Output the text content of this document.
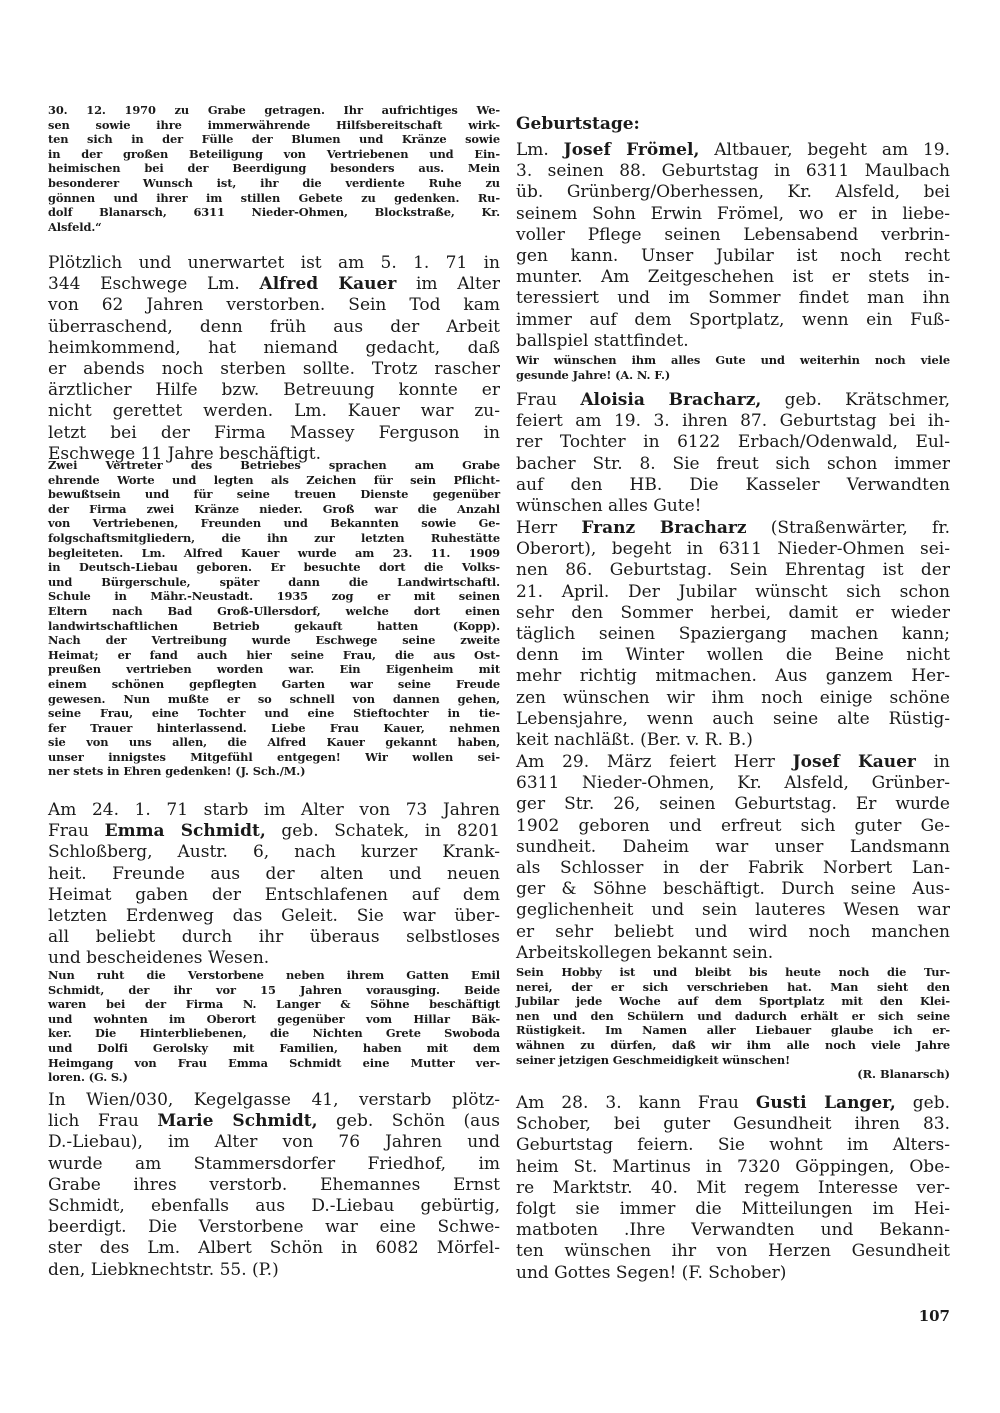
30. 12. 1970 zu Grabe getragen. Ihr aufrichtiges We-
sen sowie ihre immerwährende Hilfsbereitschaft wirk-
ten sich in der Fülle der Blumen und Kränze sowie
in der großen Beteiligung von Vertriebenen und Ein-
heimischen bei der Beerdigung besonders aus. Mein
besonderer Wunsch ist, ihr die verdiente Ruhe zu
gönnen und ihrer im stillen Gebete zu gedenken. Ru-
dolf Blanarsch, 6311 Nieder-Ohmen, Blockstraße, Kr.
Alsfeld.“
Plötzlich und unerwartet ist am 5. 1. 71 in
344 Eschwege Lm. Alfred Kauer im Alter
von 62 Jahren verstorben. Sein Tod kam
überraschend, denn früh aus der Arbeit
heimkommend, hat niemand gedacht, daß
er abends noch sterben sollte. Trotz rascher
ärztlicher Hilfe bzw. Betreuung konnte er
nicht gerettet werden. Lm. Kauer war zu-
letzt bei der Firma Massey Ferguson in
Eschwege 11 Jahre beschäftigt.
Zwei Vertreter des Betriebes sprachen am Grabe
ehrende Worte und legten als Zeichen für sein Pflicht-
bewußtsein und für seine treuen Dienste gegenüber
der Firma zwei Kränze nieder. Groß war die Anzahl
von Vertriebenen, Freunden und Bekannten sowie Ge-
folgschaftsmitgliedern, die ihn zur letzten Ruhestätte
begleiteten. Lm. Alfred Kauer wurde am 23. 11. 1909
in Deutsch-Liebau geboren. Er besuchte dort die Volks-
und Bürgerschule, später dann die Landwirtschaftl.
Schule in Mähr.-Neustadt. 1935 zog er mit seinen
Eltern nach Bad Groß-Ullersdorf, welche dort einen
landwirtschaftlichen Betrieb gekauft hatten (Kopp).
Nach der Vertreibung wurde Eschwege seine zweite
Heimat; er fand auch hier seine Frau, die aus Ost-
preußen vertrieben worden war. Ein Eigenheim mit
einem schönen gepflegten Garten war seine Freude
gewesen. Nun mußte er so schnell von dannen gehen,
seine Frau, eine Tochter und eine Stieftochter in tie-
fer Trauer hinterlassend. Liebe Frau Kauer, nehmen
sie von uns allen, die Alfred Kauer gekannt haben,
unser innigstes Mitgefühl entgegen! Wir wollen sei-
ner stets in Ehren gedenken! (J. Sch./M.)
Am 24. 1. 71 starb im Alter von 73 Jahren
Frau Emma Schmidt, geb. Schatek, in 8201
Schloßberg, Austr. 6, nach kurzer Krank-
heit. Freunde aus der alten und neuen
Heimat gaben der Entschlafenen auf dem
letzten Erdenweg das Geleit. Sie war über-
all beliebt durch ihr überaus selbstloses
und bescheidenes Wesen.
Nun ruht die Verstorbene neben ihrem Gatten Emil
Schmidt, der ihr vor 15 Jahren vorausging. Beide
waren bei der Firma N. Langer & Söhne beschäftigt
und wohnten im Oberort gegenüber vom Hillar Bäk-
ker. Die Hinterbliebenen, die Nichten Grete Swoboda
und Dolfi Gerolsky mit Familien, haben mit dem
Heimgang von Frau Emma Schmidt eine Mutter ver-
loren. (G. S.)
In Wien/030, Kegelgasse 41, verstarb plötz-
lich Frau Marie Schmidt, geb. Schön (aus
D.-Liebau), im Alter von 76 Jahren und
wurde am Stammersdorfer Friedhof, im
Grabe ihres verstorb. Ehemannes Ernst
Schmidt, ebenfalls aus D.-Liebau gebürtig,
beerdigt. Die Verstorbene war eine Schwe-
ster des Lm. Albert Schön in 6082 Mörfel-
den, Liebknechtstr. 55. (P.)
Geburtstage:
Lm. Josef Frömel, Altbauer, begeht am 19.
3. seinen 88. Geburtstag in 6311 Maulbach
üb. Grünberg/Oberhessen, Kr. Alsfeld, bei
seinem Sohn Erwin Frömel, wo er in liebe-
voller Pflege seinen Lebensabend verbrin-
gen kann. Unser Jubilar ist noch recht
munter. Am Zeitgeschehen ist er stets in-
teressiert und im Sommer findet man ihn
immer auf dem Sportplatz, wenn ein Fuß-
ballspiel stattfindet.
Wir wünschen ihm alles Gute und weiterhin noch viele
gesunde Jahre! (A. N. F.)
Frau Aloisia Bracharz, geb. Krätschmer,
feiert am 19. 3. ihren 87. Geburtstag bei ih-
rer Tochter in 6122 Erbach/Odenwald, Eul-
bacher Str. 8. Sie freut sich schon immer
auf den HB. Die Kasseler Verwandten
wünschen alles Gute!
Herr Franz Bracharz (Straßenwärter, fr.
Oberort), begeht in 6311 Nieder-Ohmen sei-
nen 86. Geburtstag. Sein Ehrentag ist der
21. April. Der Jubilar wünscht sich schon
sehr den Sommer herbei, damit er wieder
täglich seinen Spaziergang machen kann;
denn im Winter wollen die Beine nicht
mehr richtig mitmachen. Aus ganzem Her-
zen wünschen wir ihm noch einige schöne
Lebensjahre, wenn auch seine alte Rüstig-
keit nachläßt. (Ber. v. R. B.)
Am 29. März feiert Herr Josef Kauer in
6311 Nieder-Ohmen, Kr. Alsfeld, Grünber-
ger Str. 26, seinen Geburtstag. Er wurde
1902 geboren und erfreut sich guter Ge-
sundheit. Daheim war unser Landsmann
als Schlosser in der Fabrik Norbert Lan-
ger & Söhne beschäftigt. Durch seine Aus-
geglichenheit und sein lauteres Wesen war
er sehr beliebt und wird noch manchen
Arbeitskollegen bekannt sein.
Sein Hobby ist und bleibt bis heute noch die Tur-
nerei, der er sich verschrieben hat. Man sieht den
Jubilar jede Woche auf dem Sportplatz mit den Klei-
nen und den Schülern und dadurch erhält er sich seine
Rüstigkeit. Im Namen aller Liebauer glaube ich er-
wähnen zu dürfen, daß wir ihm alle noch viele Jahre
seiner jetzigen Geschmeidigkeit wünschen!
(R. Blanarsch)
Am 28. 3. kann Frau Gusti Langer, geb.
Schober, bei guter Gesundheit ihren 83.
Geburtstag feiern. Sie wohnt im Alters-
heim St. Martinus in 7320 Göppingen, Obe-
re Marktstr. 40. Mit regem Interesse ver-
folgt sie immer die Mitteilungen im Hei-
matboten .Ihre Verwandten und Bekann-
ten wünschen ihr von Herzen Gesundheit
und Gottes Segen! (F. Schober)
107
